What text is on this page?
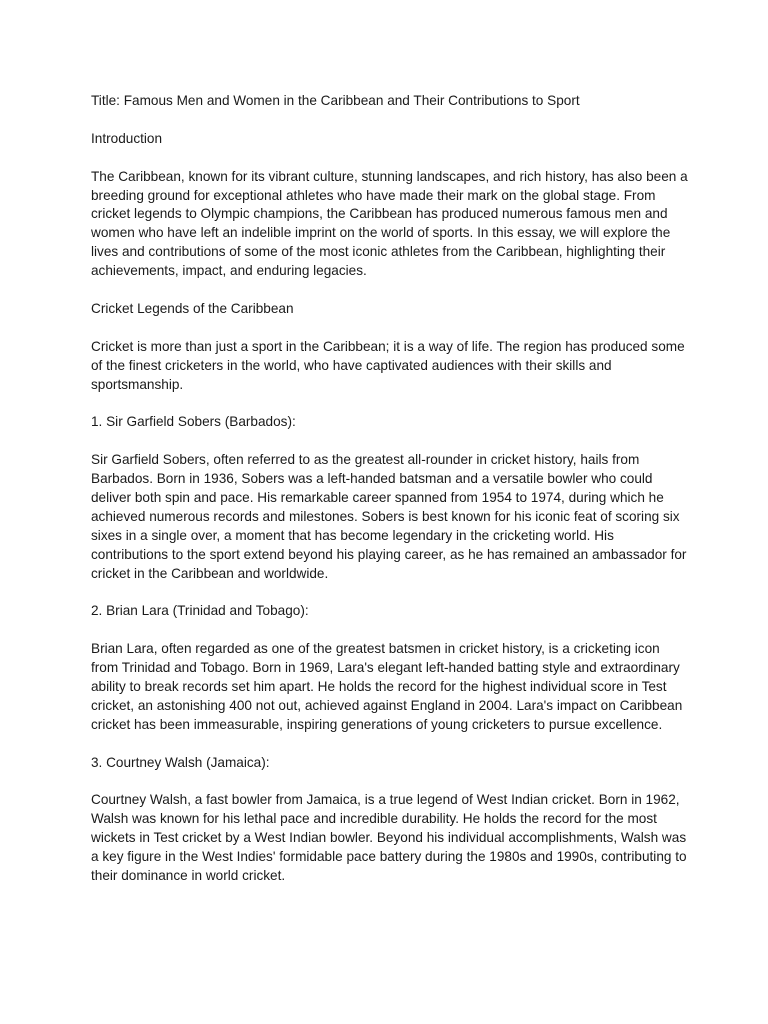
Title: Famous Men and Women in the Caribbean and Their Contributions to Sport
Introduction

The Caribbean, known for its vibrant culture, stunning landscapes, and rich history, has also been a breeding ground for exceptional athletes who have made their mark on the global stage. From cricket legends to Olympic champions, the Caribbean has produced numerous famous men and women who have left an indelible imprint on the world of sports. In this essay, we will explore the lives and contributions of some of the most iconic athletes from the Caribbean, highlighting their achievements, impact, and enduring legacies.

Cricket Legends of the Caribbean

Cricket is more than just a sport in the Caribbean; it is a way of life. The region has produced some of the finest cricketers in the world, who have captivated audiences with their skills and sportsmanship.

1. Sir Garfield Sobers (Barbados):

Sir Garfield Sobers, often referred to as the greatest all-rounder in cricket history, hails from Barbados. Born in 1936, Sobers was a left-handed batsman and a versatile bowler who could deliver both spin and pace. His remarkable career spanned from 1954 to 1974, during which he achieved numerous records and milestones. Sobers is best known for his iconic feat of scoring six sixes in a single over, a moment that has become legendary in the cricketing world. His contributions to the sport extend beyond his playing career, as he has remained an ambassador for cricket in the Caribbean and worldwide.

2. Brian Lara (Trinidad and Tobago):

Brian Lara, often regarded as one of the greatest batsmen in cricket history, is a cricketing icon from Trinidad and Tobago. Born in 1969, Lara's elegant left-handed batting style and extraordinary ability to break records set him apart. He holds the record for the highest individual score in Test cricket, an astonishing 400 not out, achieved against England in 2004. Lara's impact on Caribbean cricket has been immeasurable, inspiring generations of young cricketers to pursue excellence.

3. Courtney Walsh (Jamaica):

Courtney Walsh, a fast bowler from Jamaica, is a true legend of West Indian cricket. Born in 1962, Walsh was known for his lethal pace and incredible durability. He holds the record for the most wickets in Test cricket by a West Indian bowler. Beyond his individual accomplishments, Walsh was a key figure in the West Indies' formidable pace battery during the 1980s and 1990s, contributing to their dominance in world cricket.
